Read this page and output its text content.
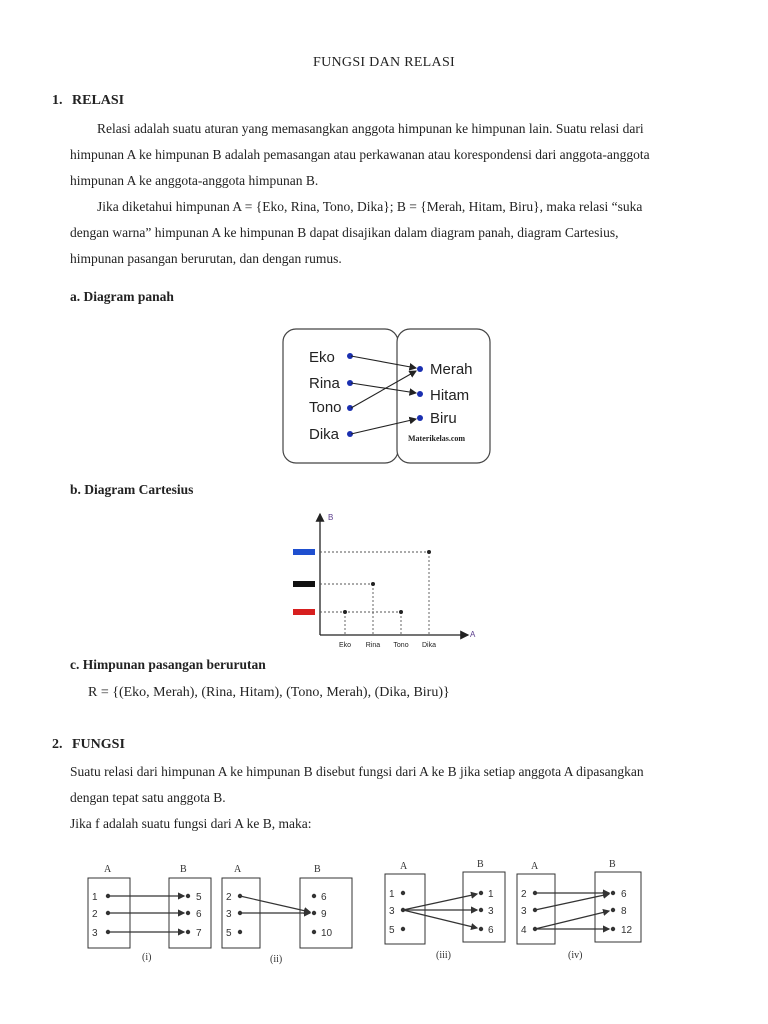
FUNGSI DAN RELASI
1. RELASI
Relasi adalah suatu aturan yang memasangkan anggota himpunan ke himpunan lain. Suatu relasi dari
himpunan A ke himpunan B adalah pemasangan atau perkawanan atau korespondensi dari anggota-anggota
himpunan A ke anggota-anggota himpunan B.
Jika diketahui himpunan A = {Eko, Rina, Tono, Dika}; B = {Merah, Hitam, Biru}, maka relasi “suka
dengan warna” himpunan A ke himpunan B dapat disajikan dalam diagram panah, diagram Cartesius,
himpunan pasangan berurutan, dan dengan rumus.
a. Diagram panah
Eko
Rina
Tono
Dika
Merah
Hitam
Biru
Materikelas.com
b. Diagram Cartesius
B
A
Eko Rina Tono Dika
c. Himpunan pasangan berurutan
R = {(Eko, Merah), (Rina, Hitam), (Tono, Merah), (Dika, Biru)}
2. FUNGSI
Suatu relasi dari himpunan A ke himpunan B disebut fungsi dari A ke B jika setiap anggota A dipasangkan
dengan tepat satu anggota B.
Jika f adalah suatu fungsi dari A ke B, maka:
A	B
1
2
3
5
6
7
(i)
A	B
2
3
5
6
9
10
(ii)
A	B
1
3
5
1
3
6
(iii)
A	B
2
3
4
6
8
12
(iv)
